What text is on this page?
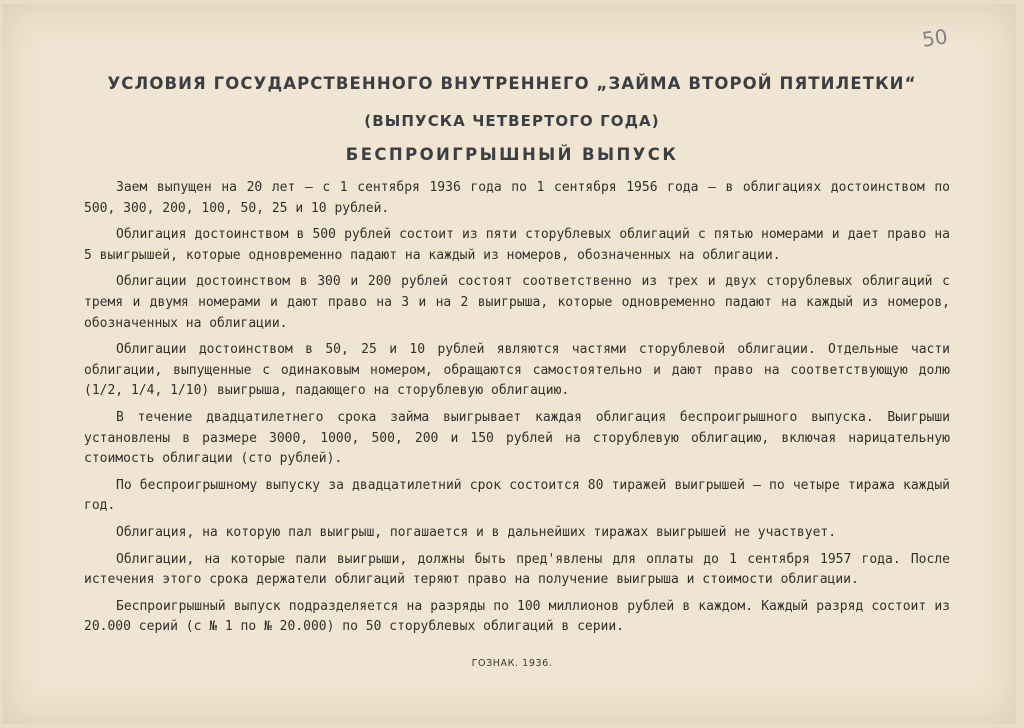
50
УСЛОВИЯ ГОСУДАРСТВЕННОГО ВНУТРЕННЕГО „ЗАЙМА ВТОРОЙ ПЯТИЛЕТКИ“
(ВЫПУСКА ЧЕТВЕРТОГО ГОДА)
БЕСПРОИГРЫШНЫЙ ВЫПУСК

Заем выпущен на 20 лет — с 1 сентября 1936 года по 1 сентября 1956 года — в облигациях достоинством по 500, 300, 200, 100, 50, 25 и 10 рублей.

Облигация достоинством в 500 рублей состоит из пяти сторублевых облигаций с пятью номерами и дает право на 5 выигрышей, которые одновременно падают на каждый из номеров, обозначенных на облигации.

Облигации достоинством в 300 и 200 рублей состоят соответственно из трех и двух сторублевых облигаций с тремя и двумя номерами и дают право на 3 и на 2 выигрыша, которые одновременно падают на каждый из номеров, обозначенных на облигации.

Облигации достоинством в 50, 25 и 10 рублей являются частями сторублевой облигации. Отдельные части облигации, выпущенные с одинаковым номером, обращаются самостоятельно и дают право на соответствующую долю (1/2, 1/4, 1/10) выигрыша, падающего на сторублевую облигацию.

В течение двадцатилетнего срока займа выигрывает каждая облигация беспроигрышного выпуска. Выигрыши установлены в размере 3000, 1000, 500, 200 и 150 рублей на сторублевую облигацию, включая нарицательную стоимость облигации (сто рублей).

По беспроигрышному выпуску за двадцатилетний срок состоится 80 тиражей выигрышей — по четыре тиража каждый год.

Облигация, на которую пал выигрыш, погашается и в дальнейших тиражах выигрышей не участвует.

Облигации, на которые пали выигрыши, должны быть пред'явлены для оплаты до 1 сентября 1957 года. После истечения этого срока держатели облигаций теряют право на получение выигрыша и стоимости облигации.

Беспроигрышный выпуск подразделяется на разряды по 100 миллионов рублей в каждом. Каждый разряд состоит из 20.000 серий (с № 1 по № 20.000) по 50 сторублевых облигаций в серии.

ГОЗНАК. 1936.
